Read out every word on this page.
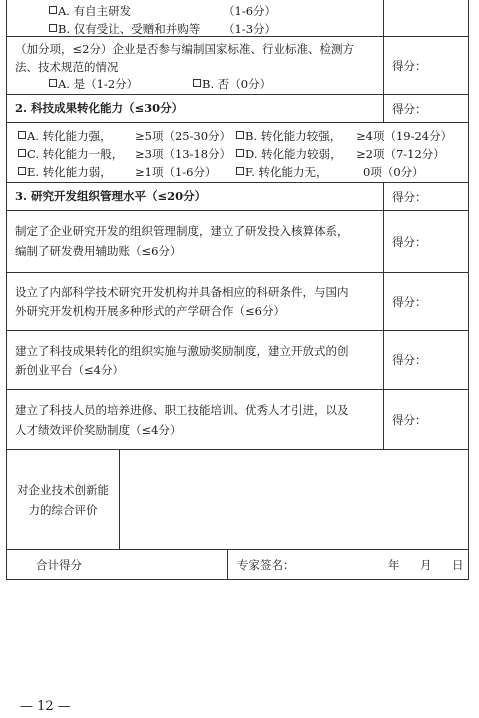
A. 有自主研发	（1-6分）
B. 仅有受让、受赠和并购等 （1-3分）
（加分项，≤2分）企业是否参与编制国家标准、行业标准、检测方
法、技术规范的情况
A. 是（1-2分）	B. 否（0分）
得分：
2. 科技成果转化能力（≤30分）	得分：
A. 转化能力强， ≥5项（25-30分）	B. 转化能力较强， ≥4项（19-24分）
C. 转化能力一般， ≥3项（13-18分）	D. 转化能力较弱， ≥2项（7-12分）
E. 转化能力弱， ≥1项（1-6分）	F. 转化能力无，	0项（0分）
3. 研究开发组织管理水平（≤20分）	得分：
制定了企业研究开发的组织管理制度，建立了研发投入核算体系，
编制了研发费用辅助账（≤6分）
得分：
设立了内部科学技术研究开发机构并具备相应的科研条件，与国内
外研究开发机构开展多种形式的产学研合作（≤6分）
得分：
建立了科技成果转化的组织实施与激励奖励制度，建立开放式的创
新创业平台（≤4分）
得分：
建立了科技人员的培养进修、职工技能培训、优秀人才引进，以及
人才绩效评价奖励制度（≤4分）
得分：
对企业技术创新能力的综合评价
合计得分	专家签名：	年 月 日
— 12 —
